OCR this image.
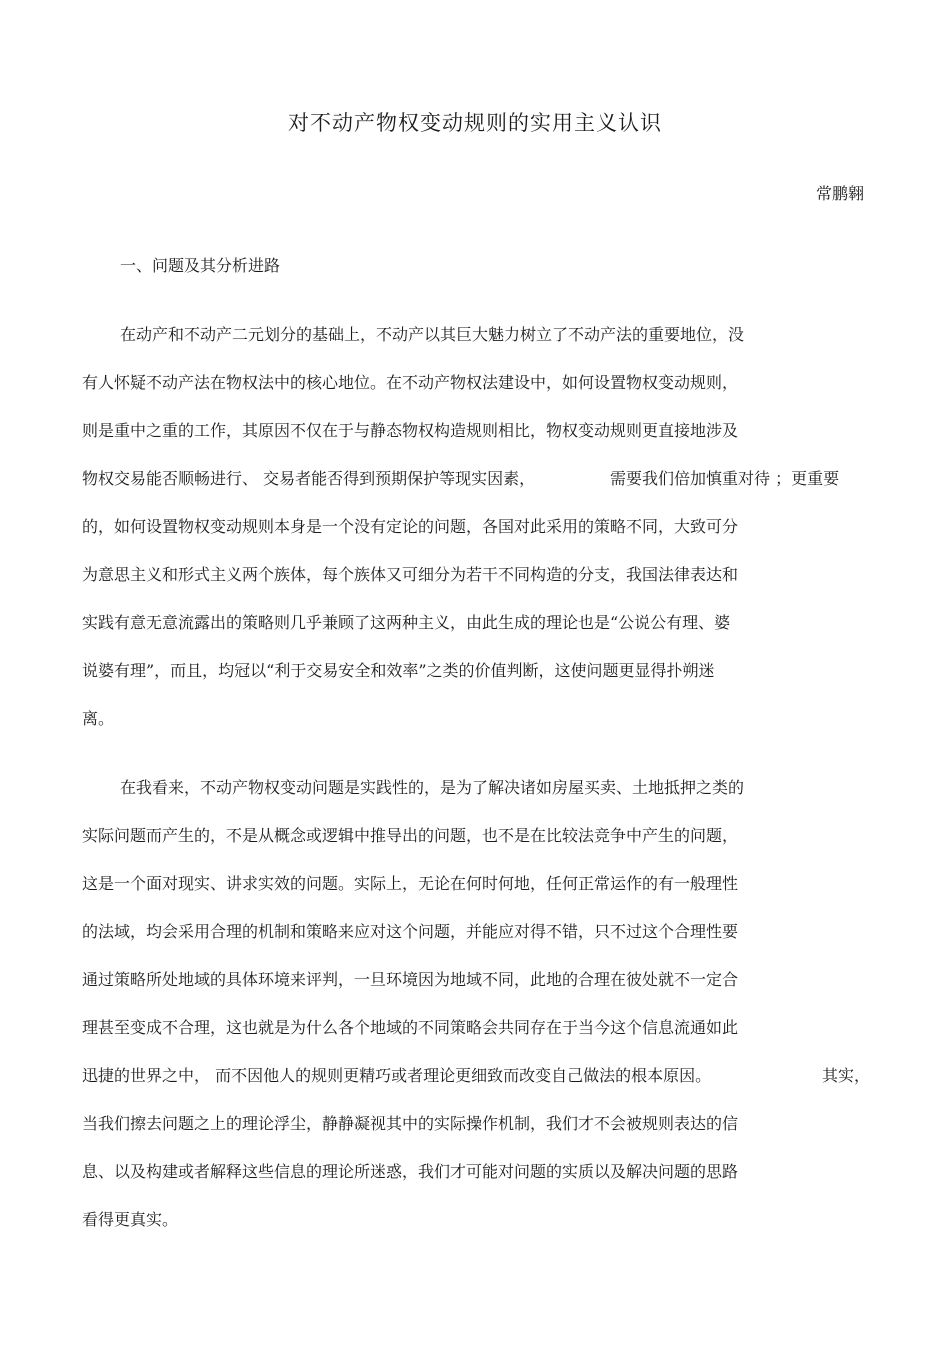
对不动产物权变动规则的实用主义认识
常鹏翱
一、问题及其分析进路
在动产和不动产二元划分的基础上，不动产以其巨大魅力树立了不动产法的重要地位，没
有人怀疑不动产法在物权法中的核心地位。在不动产物权法建设中，如何设置物权变动规则，
则是重中之重的工作，其原因不仅在于与静态物权构造规则相比，物权变动规则更直接地涉及
物权交易能否顺畅进行、 交易者能否得到预期保护等现实因素，	需要我们倍加慎重对待 ；更重要
的，如何设置物权变动规则本身是一个没有定论的问题，各国对此采用的策略不同，大致可分
为意思主义和形式主义两个族体，每个族体又可细分为若干不同构造的分支，我国法律表达和
实践有意无意流露出的策略则几乎兼顾了这两种主义，由此生成的理论也是“公说公有理、婆
说婆有理”，而且，均冠以“利于交易安全和效率”之类的价值判断，这使问题更显得扑朔迷
离。
在我看来，不动产物权变动问题是实践性的，是为了解决诸如房屋买卖、土地抵押之类的
实际问题而产生的，不是从概念或逻辑中推导出的问题，也不是在比较法竞争中产生的问题，
这是一个面对现实、讲求实效的问题。实际上，无论在何时何地，任何正常运作的有一般理性
的法域，均会采用合理的机制和策略来应对这个问题，并能应对得不错，只不过这个合理性要
通过策略所处地域的具体环境来评判，一旦环境因为地域不同，此地的合理在彼处就不一定合
理甚至变成不合理，这也就是为什么各个地域的不同策略会共同存在于当今这个信息流通如此
迅捷的世界之中， 而不因他人的规则更精巧或者理论更细致而改变自己做法的根本原因。	其实，
当我们擦去问题之上的理论浮尘，静静凝视其中的实际操作机制，我们才不会被规则表达的信
息、以及构建或者解释这些信息的理论所迷惑，我们才可能对问题的实质以及解决问题的思路
看得更真实。
